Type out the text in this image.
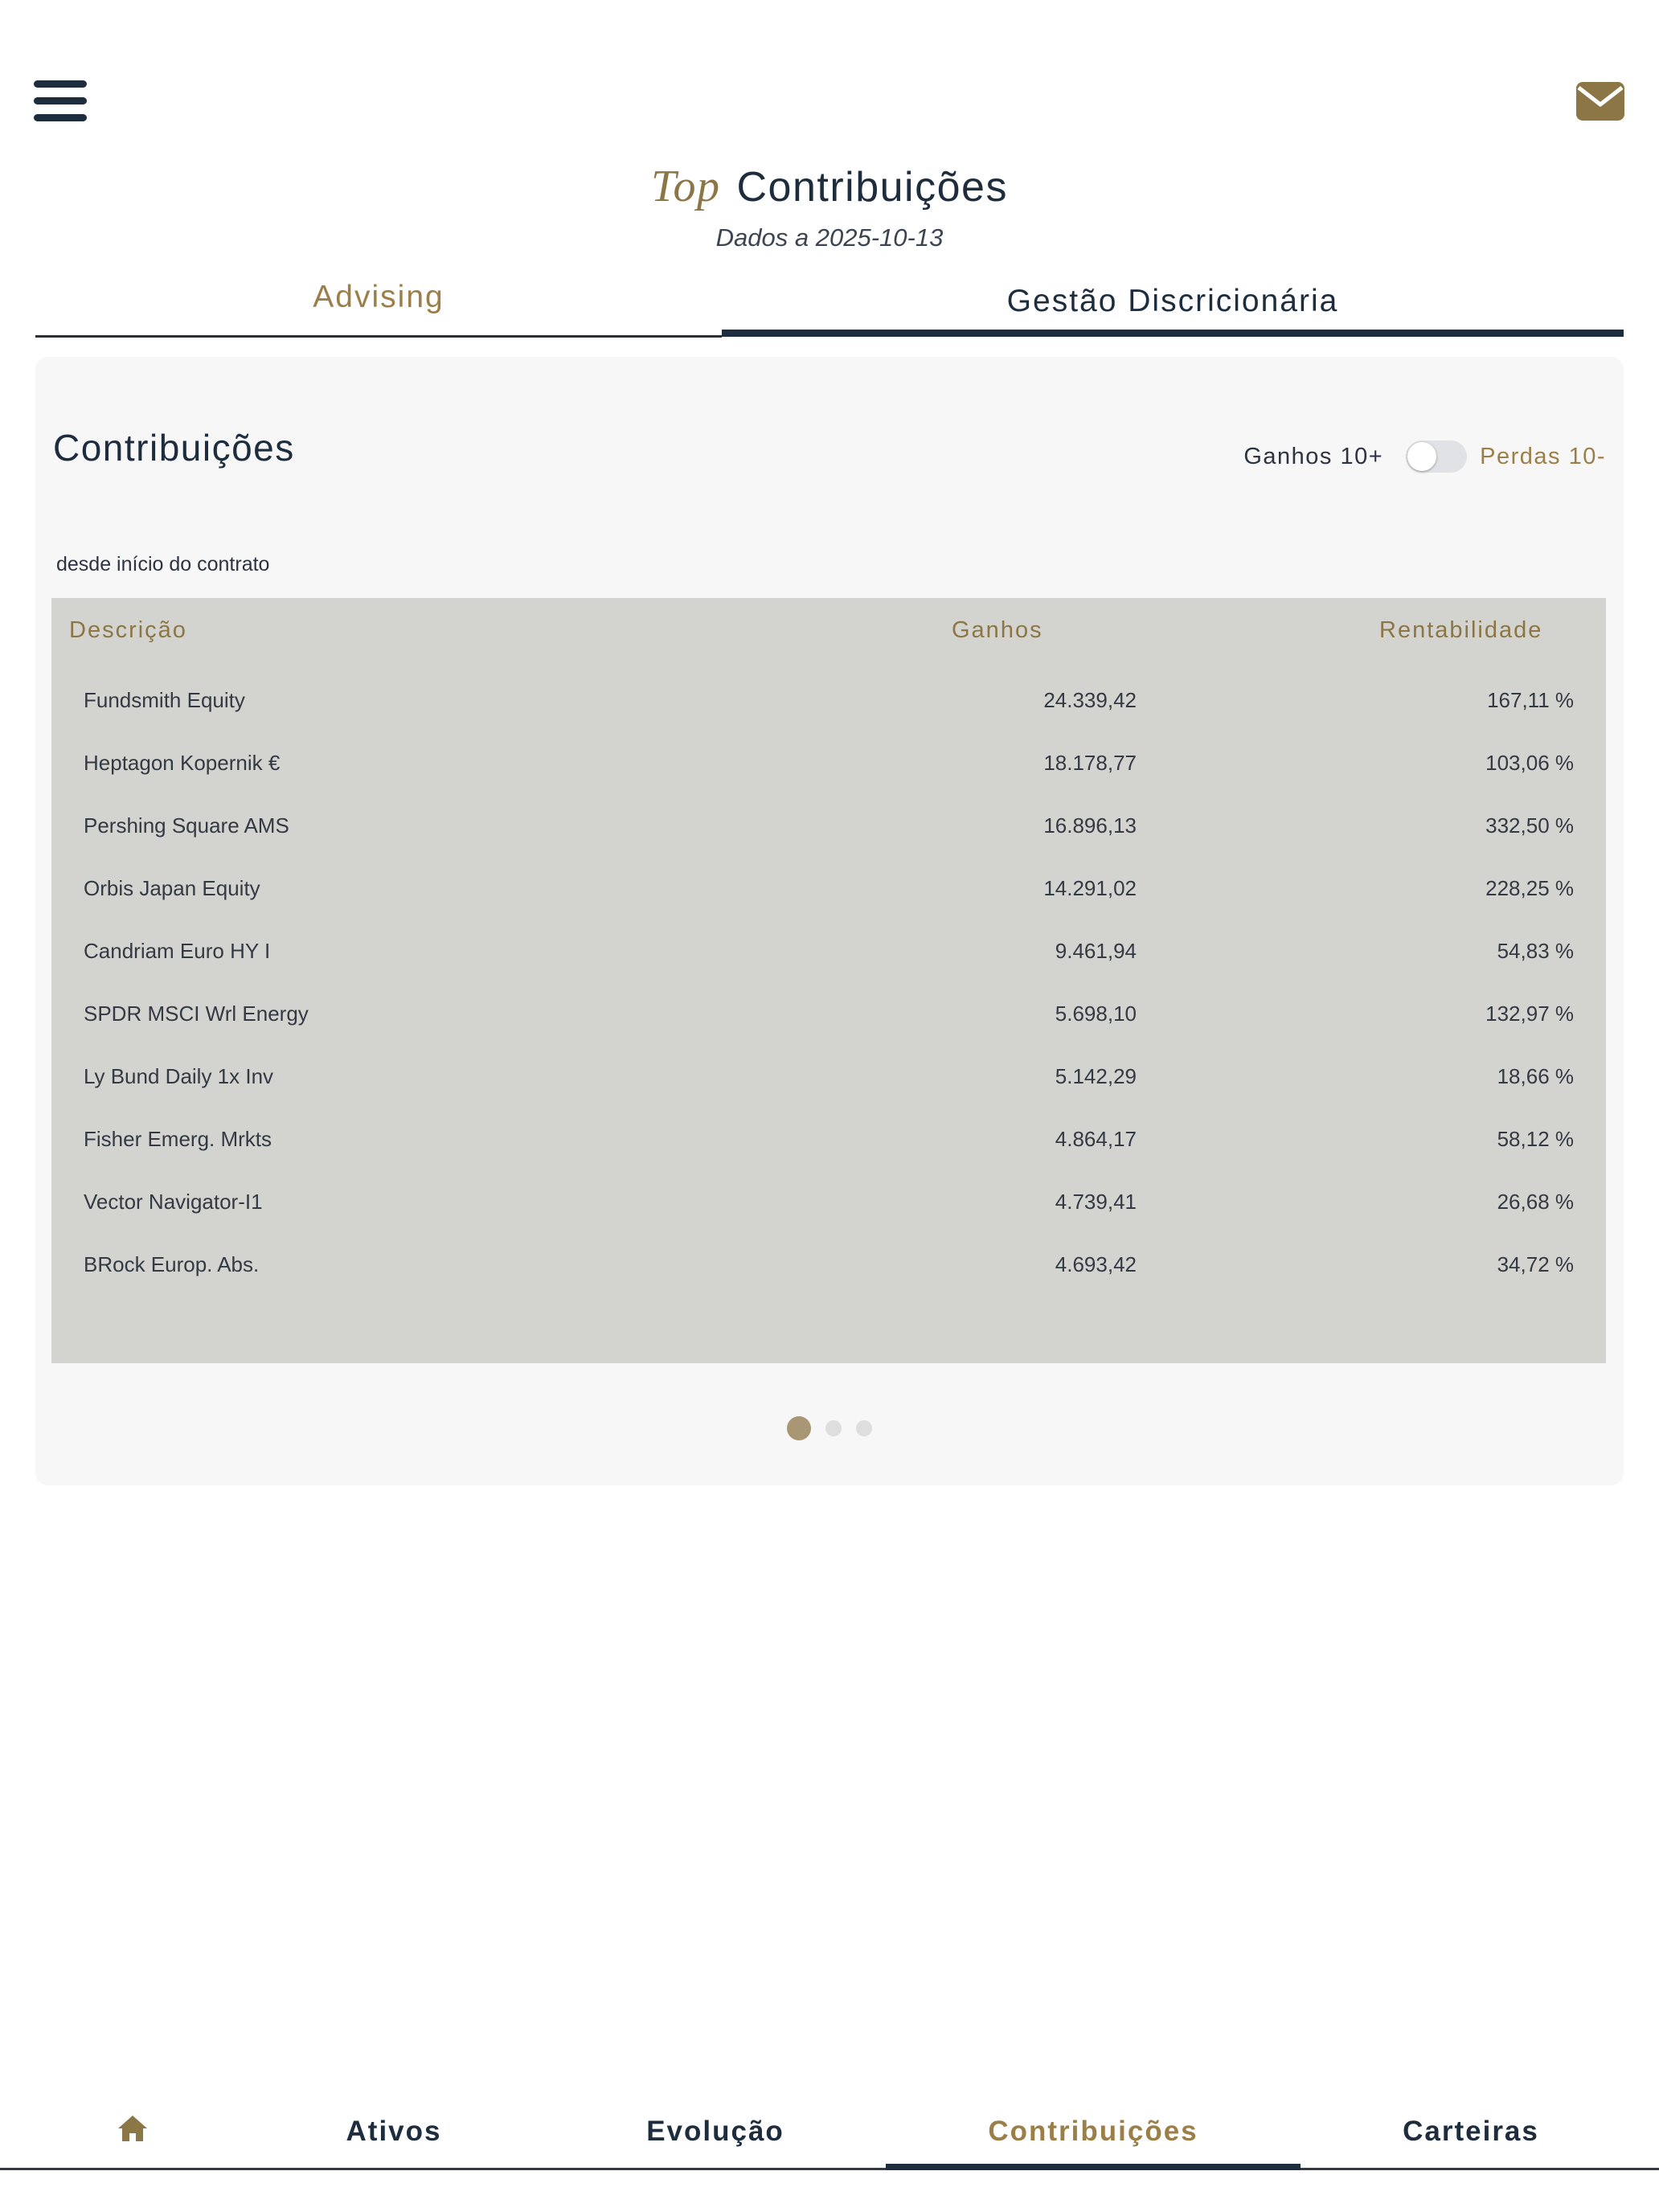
Top Contribuições
Dados a 2025-10-13
Advising	Gestão Discricionária
Contribuições	Ganhos 10+	Perdas 10-
desde início do contrato
Descrição	Ganhos	Rentabilidade
Fundsmith Equity	24.339,42	167,11 %
Heptagon Kopernik €	18.178,77	103,06 %
Pershing Square AMS	16.896,13	332,50 %
Orbis Japan Equity	14.291,02	228,25 %
Candriam Euro HY I	9.461,94	54,83 %
SPDR MSCI Wrl Energy	5.698,10	132,97 %
Ly Bund Daily 1x Inv	5.142,29	18,66 %
Fisher Emerg. Mrkts	4.864,17	58,12 %
Vector Navigator-I1	4.739,41	26,68 %
BRock Europ. Abs.	4.693,42	34,72 %
Ativos	Evolução	Contribuições	Carteiras
